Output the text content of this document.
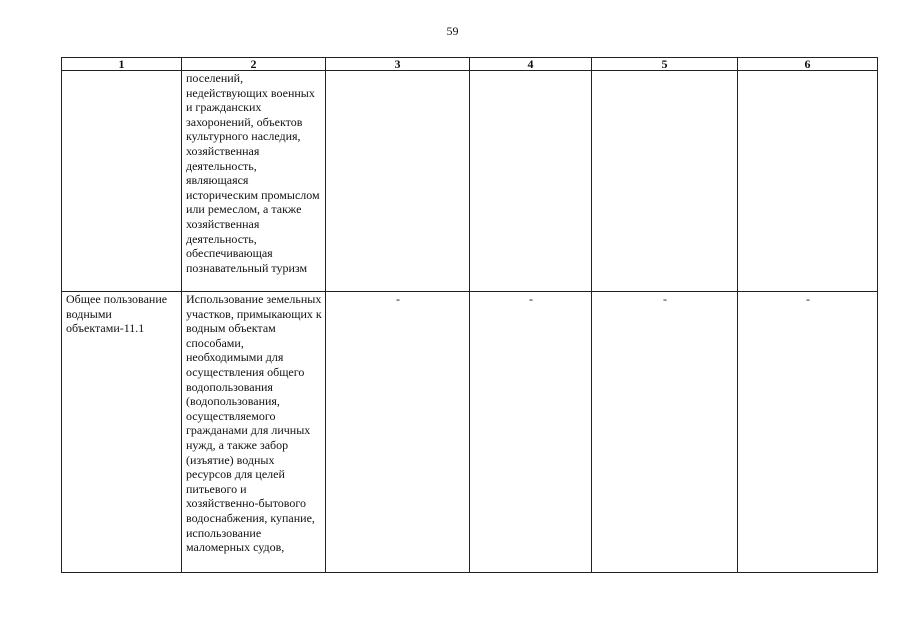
59
1	2	3	4	5	6
	поселений, недействующих военных и гражданских захоронений, объектов культурного наследия, хозяйственная деятельность, являющаяся историческим промыслом или ремеслом, а также хозяйственная деятельность, обеспечивающая познавательный туризм				
Общее пользование водными объектами-11.1	Использование земельных участков, примыкающих к водным объектам способами, необходимыми для осуществления общего водопользования (водопользования, осуществляемого гражданами для личных нужд, а также забор (изъятие) водных ресурсов для целей питьевого и хозяйственно-бытового водоснабжения, купание, использование маломерных судов,	-	-	-	-
